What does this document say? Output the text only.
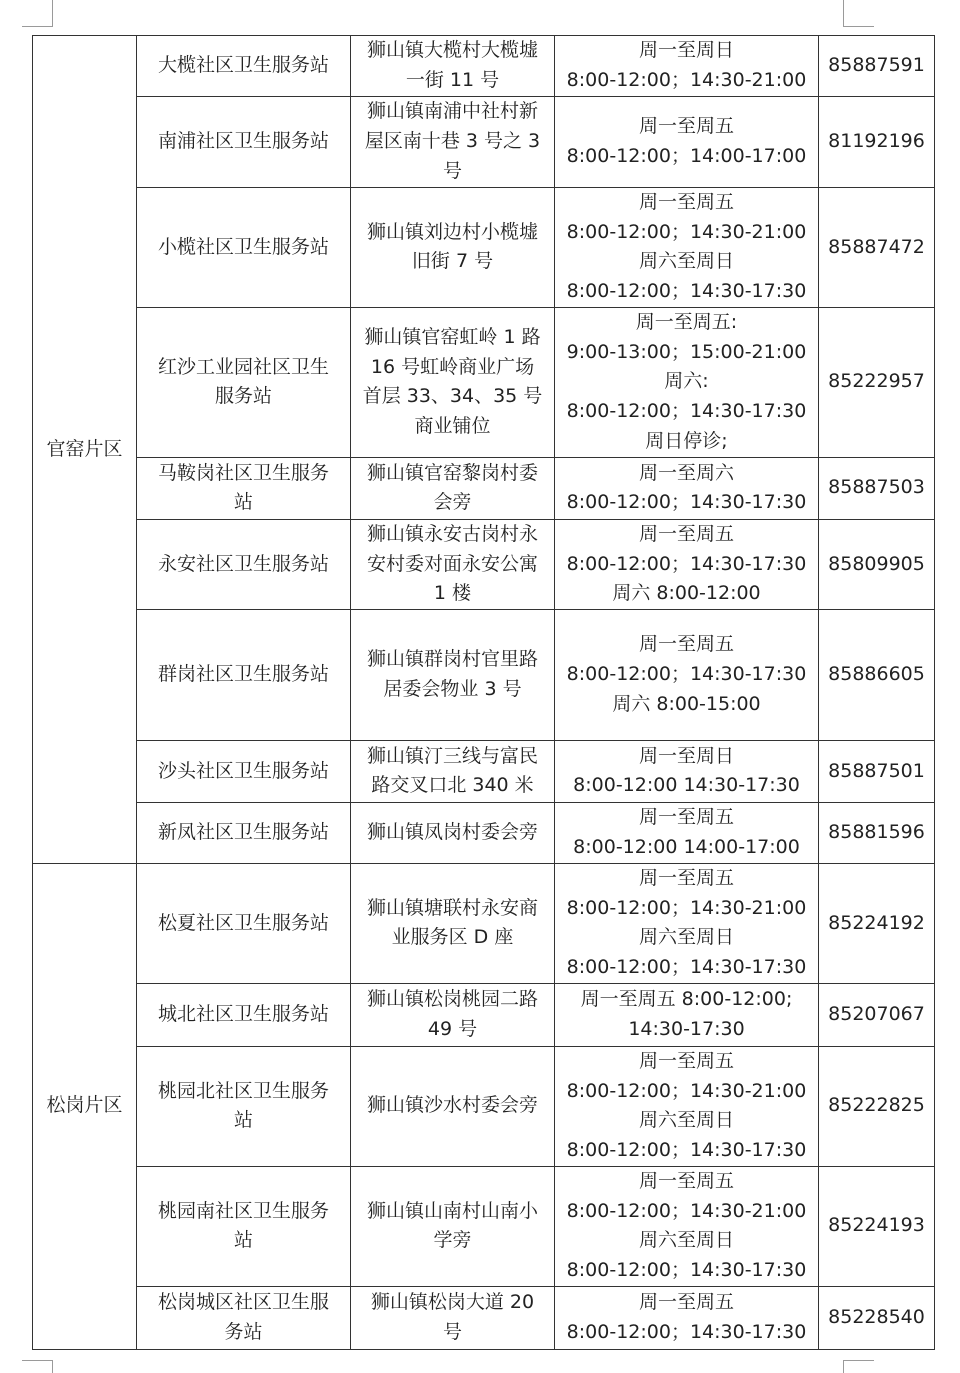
官窑片区	大榄社区卫生服务站	狮山镇大榄村大榄墟
一街 11 号	周一至周日
8:00-12:00；14:30-21:00	85887591

	南浦社区卫生服务站	狮山镇南浦中社村新
屋区南十巷 3 号之 3
号	周一至周五
8:00-12:00；14:00-17:00	81192196

	小榄社区卫生服务站	狮山镇刘边村小榄墟
旧街 7 号	周一至周五
8:00-12:00；14:30-21:00
周六至周日
8:00-12:00；14:30-17:30	85887472

	红沙工业园社区卫生
服务站	狮山镇官窑虹岭 1 路
16 号虹岭商业广场
首层 33、34、35 号
商业铺位	周一至周五:
9:00-13:00；15:00-21:00
周六:
8:00-12:00；14:30-17:30
周日停诊;	85222957

	马鞍岗社区卫生服务
站	狮山镇官窑黎岗村委
会旁	周一至周六
8:00-12:00；14:30-17:30	85887503

	永安社区卫生服务站	狮山镇永安古岗村永
安村委对面永安公寓
1 楼	周一至周五
8:00-12:00；14:30-17:30
周六 8:00-12:00	85809905

	群岗社区卫生服务站	狮山镇群岗村官里路
居委会物业 3 号	周一至周五
8:00-12:00；14:30-17:30
周六 8:00-15:00	85886605

	沙头社区卫生服务站	狮山镇汀三线与富民
路交叉口北 340 米	周一至周日
8:00-12:00 14:30-17:30	85887501

	新凤社区卫生服务站	狮山镇凤岗村委会旁	周一至周五
8:00-12:00 14:00-17:00	85881596
松岗片区	松夏社区卫生服务站	狮山镇塘联村永安商
业服务区 D 座	周一至周五
8:00-12:00；14:30-21:00
周六至周日
8:00-12:00；14:30-17:30	85224192

	城北社区卫生服务站	狮山镇松岗桃园二路
49 号	周一至周五 8:00-12:00;
14:30-17:30	85207067

	桃园北社区卫生服务
站	狮山镇沙水村委会旁	周一至周五
8:00-12:00；14:30-21:00
周六至周日
8:00-12:00；14:30-17:30	85222825

	桃园南社区卫生服务
站	狮山镇山南村山南小
学旁	周一至周五
8:00-12:00；14:30-21:00
周六至周日
8:00-12:00；14:30-17:30	85224193

	松岗城区社区卫生服
务站	狮山镇松岗大道 20
号	周一至周五
8:00-12:00；14:30-17:30	85228540
